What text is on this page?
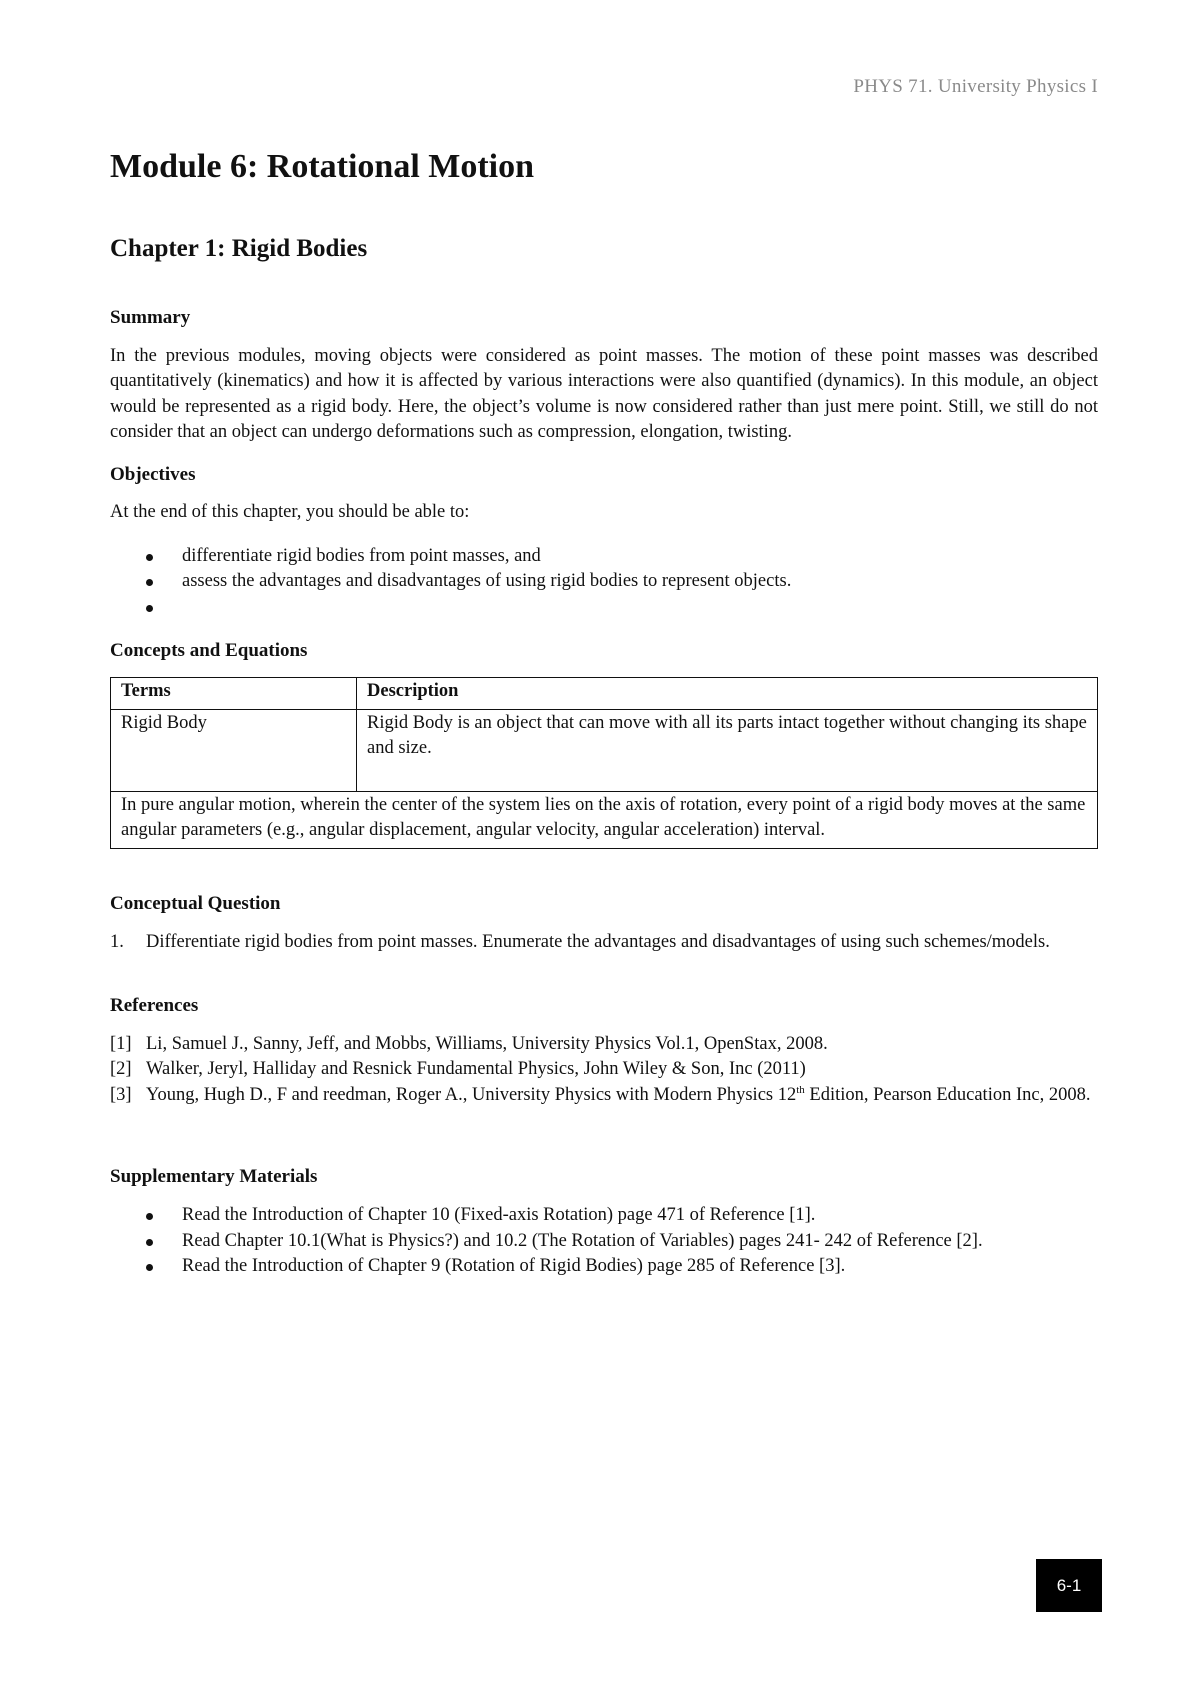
PHYS 71. University Physics I
Module 6: Rotational Motion
Chapter 1: Rigid Bodies
Summary

In the previous modules, moving objects were considered as point masses. The motion of these point masses was described quantitatively (kinematics) and how it is affected by various interactions were also quantified (dynamics). In this module, an object would be represented as a rigid body. Here, the object’s volume is now considered rather than just mere point. Still, we still do not consider that an object can undergo deformations such as compression, elongation, twisting.

Objectives

At the end of this chapter, you should be able to:

differentiate rigid bodies from point masses, and
assess the advantages and disadvantages of using rigid bodies to represent objects.
Concepts and Equations
Terms	Description
Rigid Body	Rigid Body is an object that can move with all its parts intact together without changing its shape and size.
In pure angular motion, wherein the center of the system lies on the axis of rotation, every point of a rigid body moves at the same angular parameters (e.g., angular displacement, angular velocity, angular acceleration) interval.	
Conceptual Question
1. Differentiate rigid bodies from point masses. Enumerate the advantages and disadvantages of using such schemes/models.
References
[1] Li, Samuel J., Sanny, Jeff, and Mobbs, Williams, University Physics Vol.1, OpenStax, 2008.
[2] Walker, Jeryl, Halliday and Resnick Fundamental Physics, John Wiley & Son, Inc (2011)
[3] Young, Hugh D., F and reedman, Roger A., University Physics with Modern Physics 12th Edition, Pearson Education Inc, 2008.
Supplementary Materials
Read the Introduction of Chapter 10 (Fixed-axis Rotation) page 471 of Reference [1].
Read Chapter 10.1(What is Physics?) and 10.2 (The Rotation of Variables) pages 241- 242 of Reference [2].
Read the Introduction of Chapter 9 (Rotation of Rigid Bodies) page 285 of Reference [3].
6-1
